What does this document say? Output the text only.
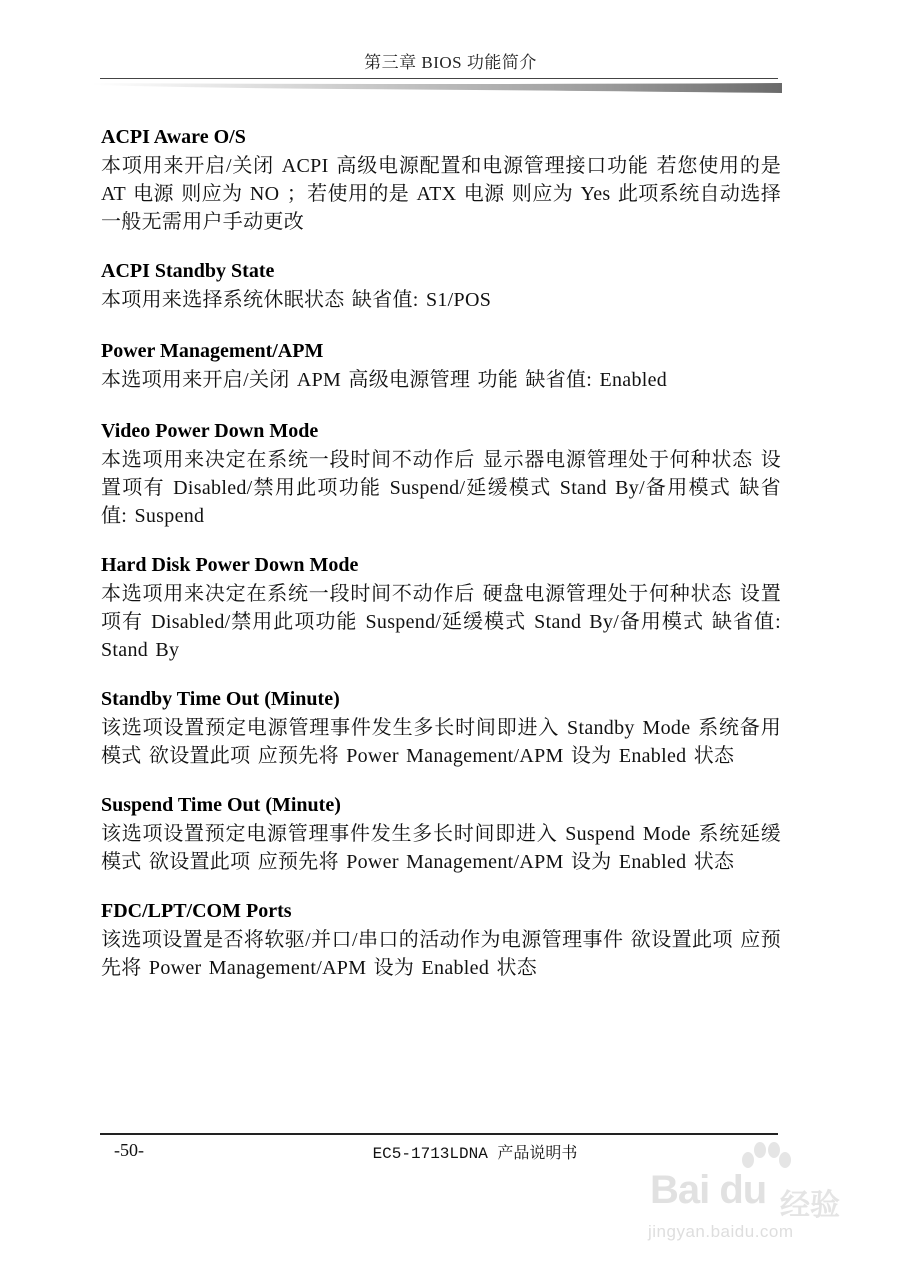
第三章 BIOS 功能简介
ACPI Aware O/S

本项用来开启/关闭 ACPI 高级电源配置和电源管理接口功能 若您使用的是 AT 电源 则应为 NO ；若使用的是 ATX 电源 则应为 Yes 此项系统自动选择 一般无需用户手动更改

ACPI Standby State

本项用来选择系统休眠状态 缺省值: S1/POS

Power Management/APM

本选项用来开启/关闭 APM 高级电源管理 功能 缺省值: Enabled

Video Power Down Mode

本选项用来决定在系统一段时间不动作后 显示器电源管理处于何种状态 设置项有 Disabled/禁用此项功能 Suspend/延缓模式 Stand By/备用模式 缺省值: Suspend

Hard Disk Power Down Mode

本选项用来决定在系统一段时间不动作后 硬盘电源管理处于何种状态 设置项有 Disabled/禁用此项功能 Suspend/延缓模式 Stand By/备用模式 缺省值: Stand By

Standby Time Out (Minute)

该选项设置预定电源管理事件发生多长时间即进入 Standby Mode 系统备用模式 欲设置此项 应预先将 Power Management/APM 设为 Enabled 状态

Suspend Time Out (Minute)

该选项设置预定电源管理事件发生多长时间即进入 Suspend Mode 系统延缓模式 欲设置此项 应预先将 Power Management/APM 设为 Enabled 状态

FDC/LPT/COM Ports

该选项设置是否将软驱/并口/串口的活动作为电源管理事件 欲设置此项 应预先将 Power Management/APM 设为 Enabled 状态

-50-	EC5-1713LDNA 产品说明书
Bai du 经验
jingyan.baidu.com
